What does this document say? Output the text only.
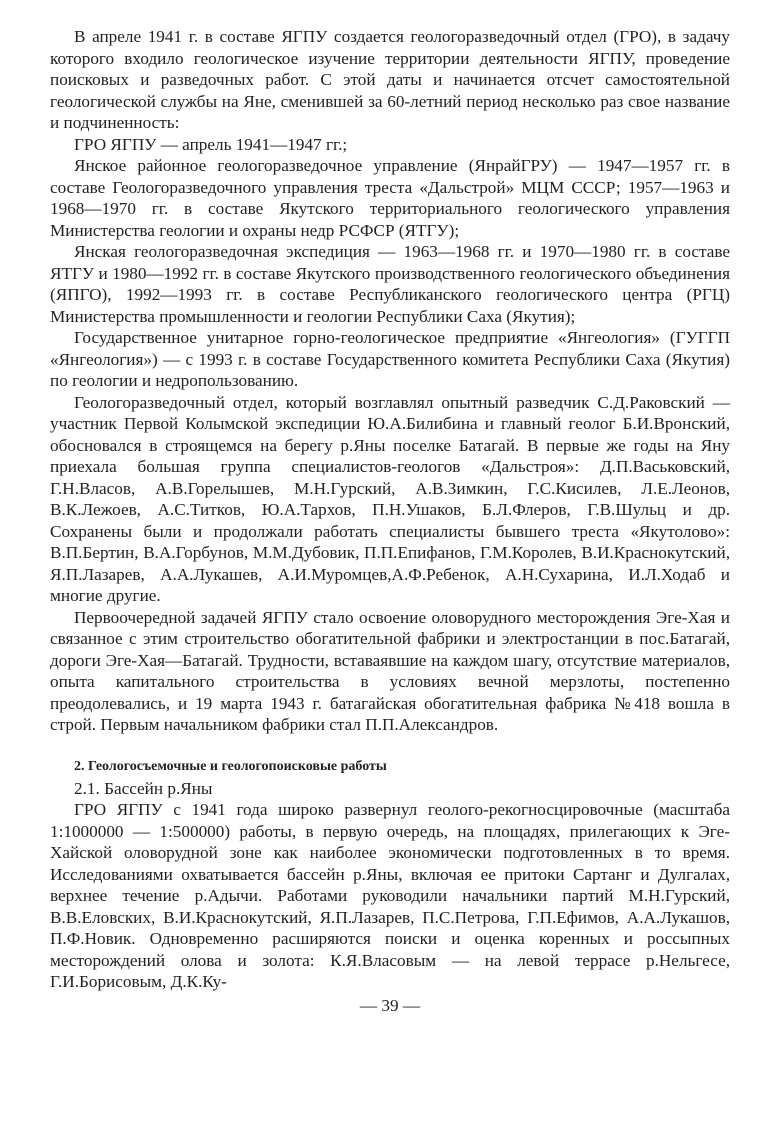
В апреле 1941 г. в составе ЯГПУ создается геологоразведочный отдел (ГРО), в задачу которого входило геологическое изучение территории деятельности ЯГПУ, проведение поисковых и разведочных работ. С этой даты и начинается отсчет самостоятельной геологической службы на Яне, сменившей за 60-летний период несколько раз свое название и подчиненность:

ГРО ЯГПУ — апрель 1941—1947 гг.;

Янское районное геологоразведочное управление (ЯнрайГРУ) — 1947—1957 гг. в составе Геологоразведочного управления треста «Дальстрой» МЦМ СССР; 1957—1963 и 1968—1970 гг. в составе Якутского территориального геологического управления Министерства геологии и охраны недр РСФСР (ЯТГУ);

Янская геологоразведочная экспедиция — 1963—1968 гг. и 1970—1980 гг. в составе ЯТГУ и 1980—1992 гг. в составе Якутского производственного геологического объединения (ЯПГО), 1992—1993 гг. в составе Республиканского геологического центра (РГЦ) Министерства промышленности и геологии Республики Саха (Якутия);

Государственное унитарное горно-геологическое предприятие «Янгеология» (ГУГГП «Янгеология») — с 1993 г. в составе Государственного комитета Республики Саха (Якутия) по геологии и недропользованию.

Геологоразведочный отдел, который возглавлял опытный разведчик С.Д.Раковский — участник Первой Колымской экспедиции Ю.А.Билибина и главный геолог Б.И.Вронский, обосновался в строящемся на берегу р.Яны поселке Батагай. В первые же годы на Яну приехала большая группа специалистов-геологов «Дальстроя»: Д.П.Васьковский, Г.Н.Власов, А.В.Горелышев, М.Н.Гурский, А.В.Зимкин, Г.С.Кисилев, Л.Е.Леонов, В.К.Лежоев, А.С.Титков, Ю.А.Тархов, П.Н.Ушаков, Б.Л.Флеров, Г.В.Шульц и др. Сохранены были и продолжали работать специалисты бывшего треста «Якутолово»: В.П.Бертин, В.А.Горбунов, М.М.Дубовик, П.П.Епифанов, Г.М.Королев, В.И.Краснокутский, Я.П.Лазарев, А.А.Лукашев, А.И.Муромцев,А.Ф.Ребенок, А.Н.Сухарина, И.Л.Ходаб и многие другие.

Первоочередной задачей ЯГПУ стало освоение оловорудного месторождения Эге-Хая и связанное с этим строительство обогатительной фабрики и электростанции в пос.Батагай, дороги Эге-Хая—Батагай. Трудности, вставаявшие на каждом шагу, отсутствие материалов, опыта капитального строительства в условиях вечной мерзлоты, постепенно преодолевались, и 19 марта 1943 г. батагайская обогатительная фабрика №418 вошла в строй. Первым начальником фабрики стал П.П.Александров.

2. Геологосъемочные и геологопоисковые работы

2.1. Бассейн р.Яны

ГРО ЯГПУ с 1941 года широко развернул геолого-рекогносцировочные (масштаба 1:1000000 — 1:500000) работы, в первую очередь, на площадях, прилегающих к Эге-Хайской оловорудной зоне как наиболее экономически подготовленных в то время. Исследованиями охватывается бассейн р.Яны, включая ее притоки Сартанг и Дулгалах, верхнее течение р.Адычи. Работами руководили начальники партий М.Н.Гурский, В.В.Еловских, В.И.Краснокутский, Я.П.Лазарев, П.С.Петрова, Г.П.Ефимов, А.А.Лукашов, П.Ф.Новик. Одновременно расширяются поиски и оценка коренных и россыпных месторождений олова и золота: К.Я.Власовым — на левой террасе р.Нельгесе, Г.И.Борисовым, Д.К.Ку-

— 39 —
